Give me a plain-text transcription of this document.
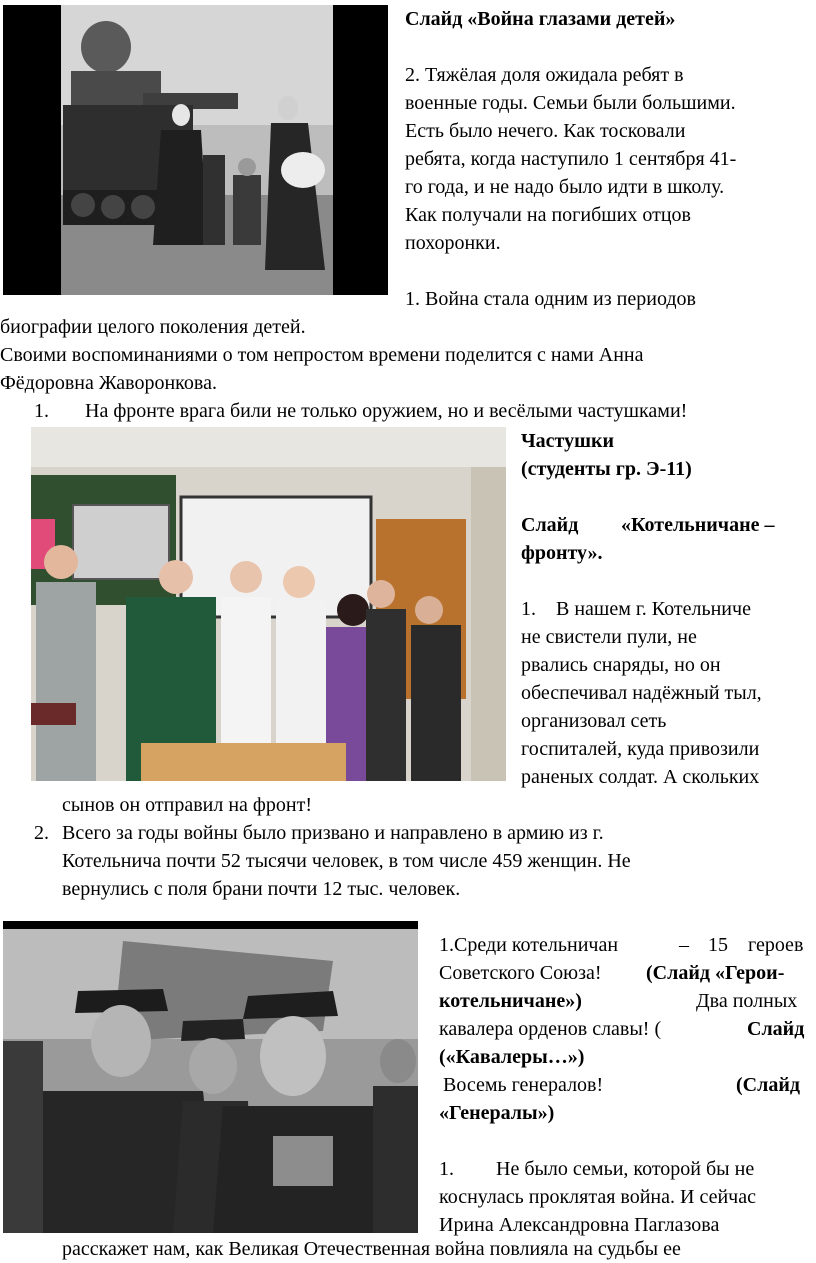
Слайд «Война глазами детей»
2. Тяжёлая доля ожидала ребят в
военные годы. Семьи были большими.
Есть было нечего. Как тосковали
ребята, когда наступило 1 сентября 41-
го года, и не надо было идти в школу.
Как получали на погибших отцов
похоронки.
1. Война стала одним из периодов
биографии целого поколения детей.
Своими воспоминаниями о том непростом времени поделится с нами Анна
Фёдоровна Жаворонкова.
1. На фронте врага били не только оружием, но и весёлыми частушками!
Частушки
(студенты гр. Э-11)
Слайд «Котельничане –
фронту».
1. В нашем г. Котельниче
не свистели пули, не
рвались снаряды, но он
обеспечивал надёжный тыл,
организовал сеть
госпиталей, куда привозили
раненых солдат. А скольких
сынов он отправил на фронт!
2. Всего за годы войны было призвано и направлено в армию из г.
Котельнича почти 52 тысячи человек, в том числе 459 женщин. Не
вернулись с поля брани почти 12 тыс. человек.
1.Среди котельничан	– 15 героев
Советского Союза! (Слайд «Герои-
котельничане»)	Два полных
кавалера орденов славы! (	Слайд
(«Кавалеры…»)
Восемь генералов!	(Слайд
«Генералы»)
1. Не было семьи, которой бы не
коснулась проклятая война. И сейчас
Ирина Александровна Паглазова
расскажет нам, как Великая Отечественная война повлияла на судьбы ее
